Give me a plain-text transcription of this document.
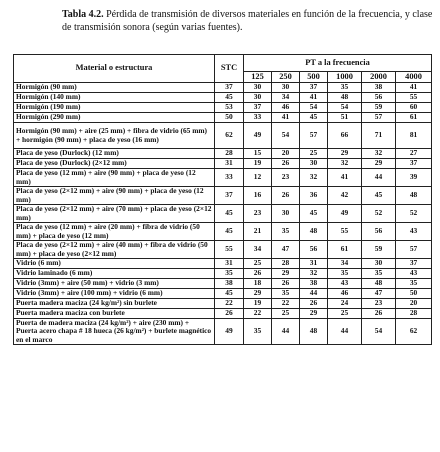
Tabla 4.2. Pérdida de transmisión de diversos materiales en función de la frecuencia, y clase de transmisión sonora (según varias fuentes).
Material o estructura	STC	PT a la frecuencia					
		125	250	500	1000	2000	4000
Hormigón (90 mm)	37	30	30	37	35	38	41
Hormigón (140 mm)	45	30	34	41	48	56	55
Hormigón (190 mm)	53	37	46	54	54	59	60
Hormigón (290 mm)	50	33	41	45	51	57	61
Hormigón (90 mm) + aire (25 mm) + fibra de vidrio (65 mm) + hormigón (90 mm) + placa de yeso (16 mm)	62	49	54	57	66	71	81
Placa de yeso (Durlock) (12 mm)	28	15	20	25	29	32	27
Placa de yeso (Durlock) (2×12 mm)	31	19	26	30	32	29	37
Placa de yeso (12 mm) + aire (90 mm) + placa de yeso (12 mm)	33	12	23	32	41	44	39
Placa de yeso (2×12 mm) + aire (90 mm) + placa de yeso (12 mm)	37	16	26	36	42	45	48
Placa de yeso (2×12 mm) + aire (70 mm) + placa de yeso (2×12 mm)	45	23	30	45	49	52	52
Placa de yeso (12 mm) + aire (20 mm) + fibra de vidrio (50 mm) + placa de yeso (12 mm)	45	21	35	48	55	56	43
Placa de yeso (2×12 mm) + aire (40 mm) + fibra de vidrio (50 mm) + placa de yeso (2×12 mm)	55	34	47	56	61	59	57
Vidrio (6 mm)	31	25	28	31	34	30	37
Vidrio laminado (6 mm)	35	26	29	32	35	35	43
Vidrio (3mm) + aire (50 mm) + vidrio (3 mm)	38	18	26	38	43	48	35
Vidrio (3mm) + aire (100 mm) + vidrio (6 mm)	45	29	35	44	46	47	50
Puerta madera maciza (24 kg/m²) sin burlete	22	19	22	26	24	23	20
Puerta madera maciza con burlete	26	22	25	29	25	26	28
Puerta de madera maciza (24 kg/m²) + aire (230 mm) + Puerta acero chapa # 18 hueca (26 kg/m²) + burlete magnético en el marco	49	35	44	48	44	54	62
